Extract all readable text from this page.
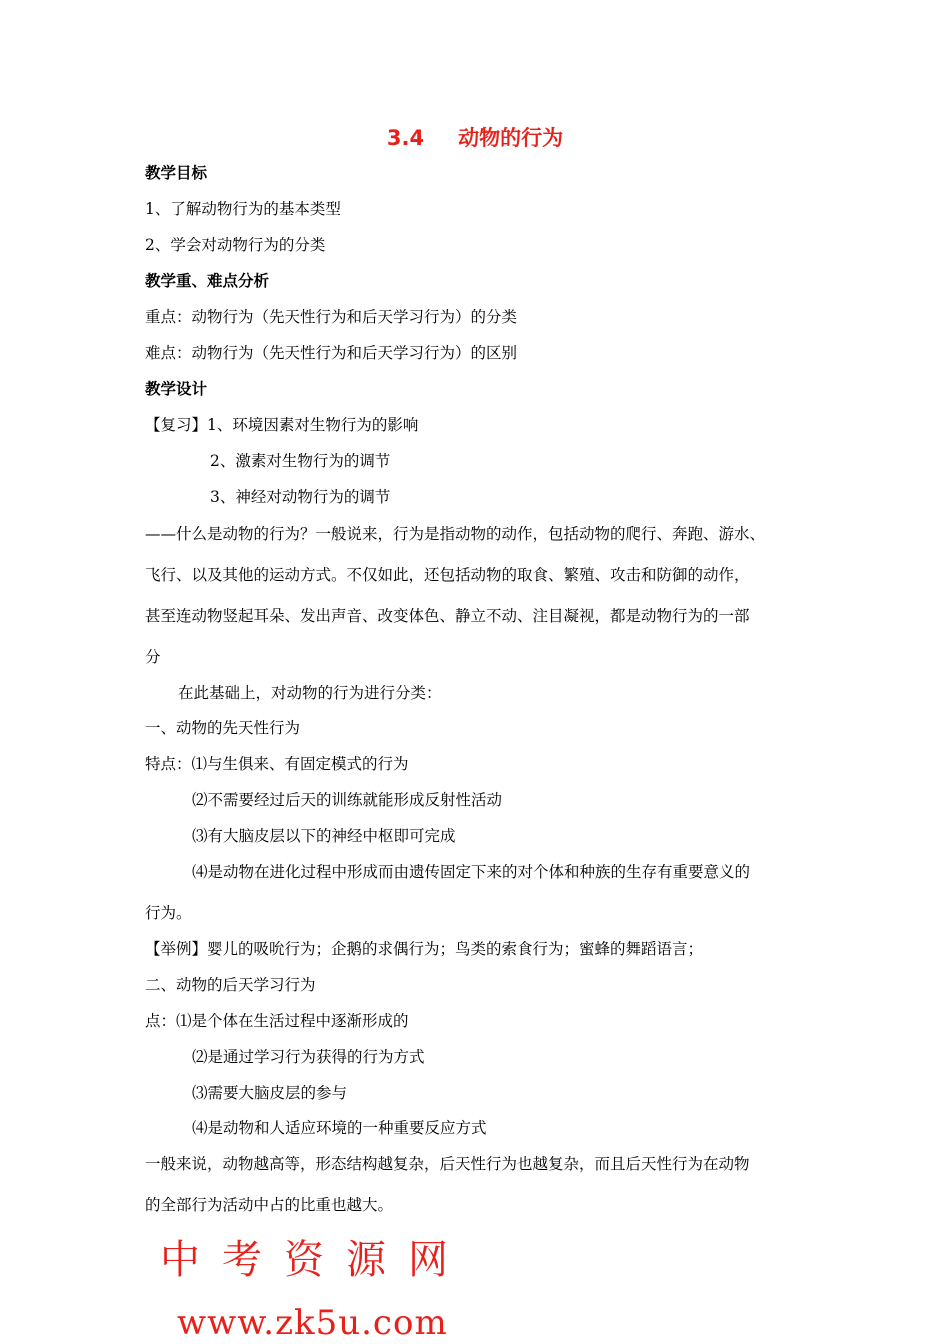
3.4 动物的行为
教学目标
1、了解动物行为的基本类型
2、学会对动物行为的分类
教学重、难点分析
重点：动物行为（先天性行为和后天学习行为）的分类
难点：动物行为（先天性行为和后天学习行为）的区别
教学设计
【复习】1、环境因素对生物行为的影响
2、激素对生物行为的调节
3、神经对动物行为的调节
——什么是动物的行为？一般说来，行为是指动物的动作，包括动物的爬行、奔跑、游水、
飞行、以及其他的运动方式。不仅如此，还包括动物的取食、繁殖、攻击和防御的动作，
甚至连动物竖起耳朵、发出声音、改变体色、静立不动、注目凝视，都是动物行为的一部
分
在此基础上，对动物的行为进行分类：
一、动物的先天性行为
特点：⑴与生俱来、有固定模式的行为
⑵不需要经过后天的训练就能形成反射性活动
⑶有大脑皮层以下的神经中枢即可完成
⑷是动物在进化过程中形成而由遗传固定下来的对个体和种族的生存有重要意义的
行为。
【举例】婴儿的吸吮行为；企鹅的求偶行为；鸟类的索食行为；蜜蜂的舞蹈语言；
二、动物的后天学习行为
点：⑴是个体在生活过程中逐渐形成的
⑵是通过学习行为获得的行为方式
⑶需要大脑皮层的参与
⑷是动物和人适应环境的一种重要反应方式
一般来说，动物越高等，形态结构越复杂，后天性行为也越复杂，而且后天性行为在动物
的全部行为活动中占的比重也越大。
中考资源网
www.zk5u.com
